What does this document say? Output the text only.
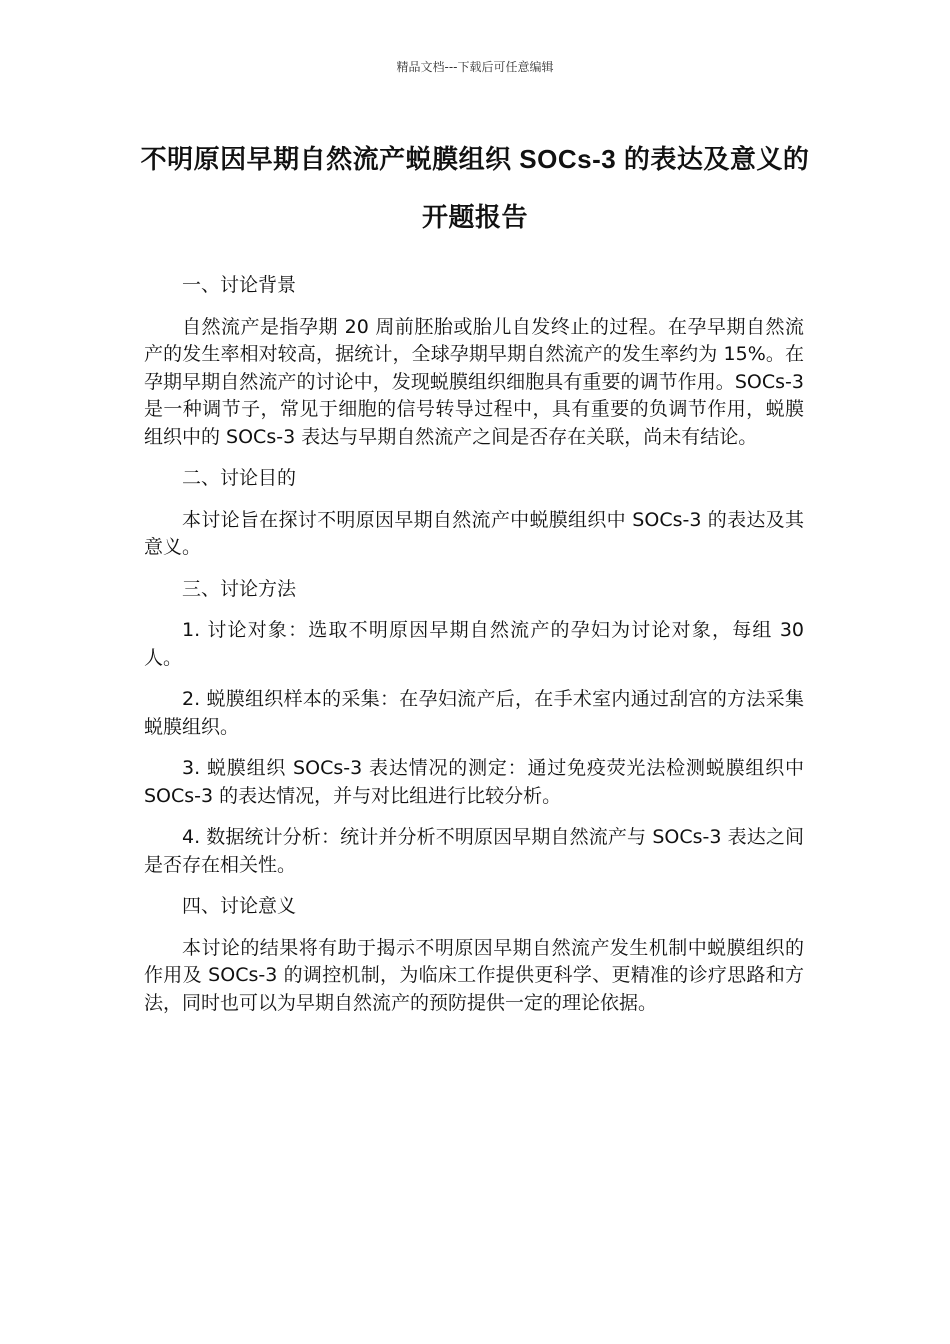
精品文档---下载后可任意编辑
不明原因早期自然流产蜕膜组织 SOCs-3 的表达及意义的开题报告

一、讨论背景

自然流产是指孕期 20 周前胚胎或胎儿自发终止的过程。在孕早期自然流产的发生率相对较高，据统计，全球孕期早期自然流产的发生率约为 15%。在孕期早期自然流产的讨论中，发现蜕膜组织细胞具有重要的调节作用。SOCs-3 是一种调节子，常见于细胞的信号转导过程中，具有重要的负调节作用，蜕膜组织中的 SOCs-3 表达与早期自然流产之间是否存在关联，尚未有结论。

二、讨论目的

本讨论旨在探讨不明原因早期自然流产中蜕膜组织中 SOCs-3 的表达及其意义。

三、讨论方法

1. 讨论对象：选取不明原因早期自然流产的孕妇为讨论对象，每组 30 人。

2. 蜕膜组织样本的采集：在孕妇流产后，在手术室内通过刮宫的方法采集蜕膜组织。

3. 蜕膜组织 SOCs-3 表达情况的测定：通过免疫荧光法检测蜕膜组织中 SOCs-3 的表达情况，并与对比组进行比较分析。

4. 数据统计分析：统计并分析不明原因早期自然流产与 SOCs-3 表达之间是否存在相关性。

四、讨论意义

本讨论的结果将有助于揭示不明原因早期自然流产发生机制中蜕膜组织的作用及 SOCs-3 的调控机制，为临床工作提供更科学、更精准的诊疗思路和方法，同时也可以为早期自然流产的预防提供一定的理论依据。
